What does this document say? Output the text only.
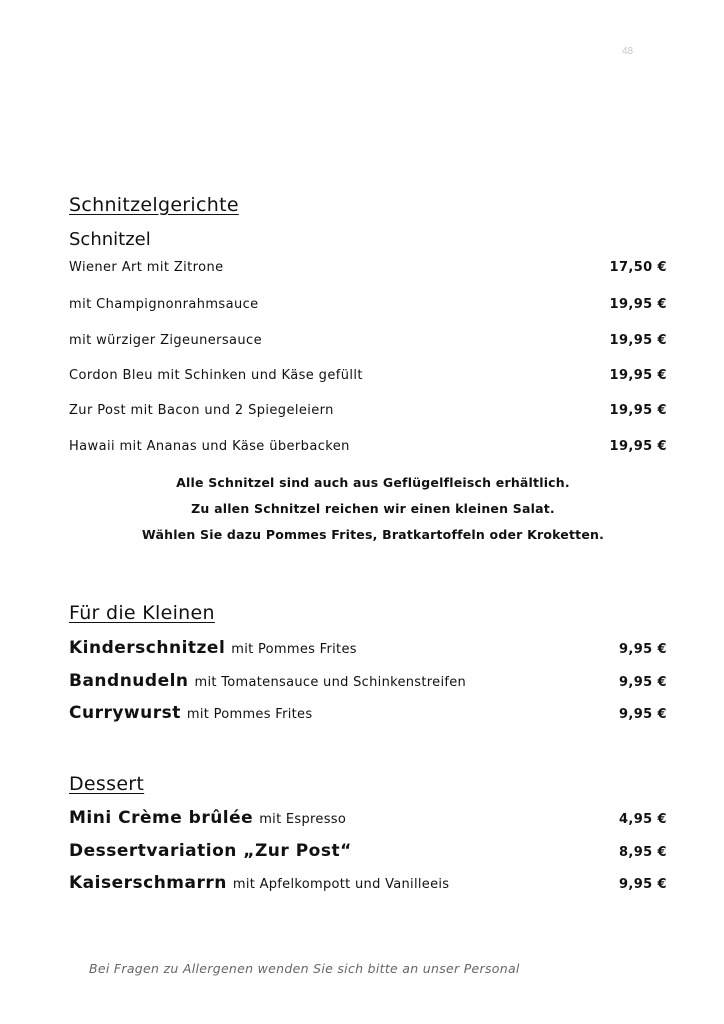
48
Schnitzelgerichte
Schnitzel
Wiener Art mit Zitrone	17,50 €
mit Champignonrahmsauce	19,95 €
mit würziger Zigeunersauce	19,95 €
Cordon Bleu mit Schinken und Käse gefüllt	19,95 €
Zur Post mit Bacon und 2 Spiegeleiern	19,95 €
Hawaii mit Ananas und Käse überbacken	19,95 €
Alle Schnitzel sind auch aus Geflügelfleisch erhältlich.
Zu allen Schnitzel reichen wir einen kleinen Salat.
Wählen Sie dazu Pommes Frites, Bratkartoffeln oder Kroketten.
Für die Kleinen
Kinderschnitzel mit Pommes Frites	9,95 €
Bandnudeln mit Tomatensauce und Schinkenstreifen	9,95 €
Currywurst mit Pommes Frites	9,95 €
Dessert
Mini Crème brûlée mit Espresso	4,95 €
Dessertvariation „Zur Post“	8,95 €
Kaiserschmarrn mit Apfelkompott und Vanilleeis	9,95 €
Bei Fragen zu Allergenen wenden Sie sich bitte an unser Personal
